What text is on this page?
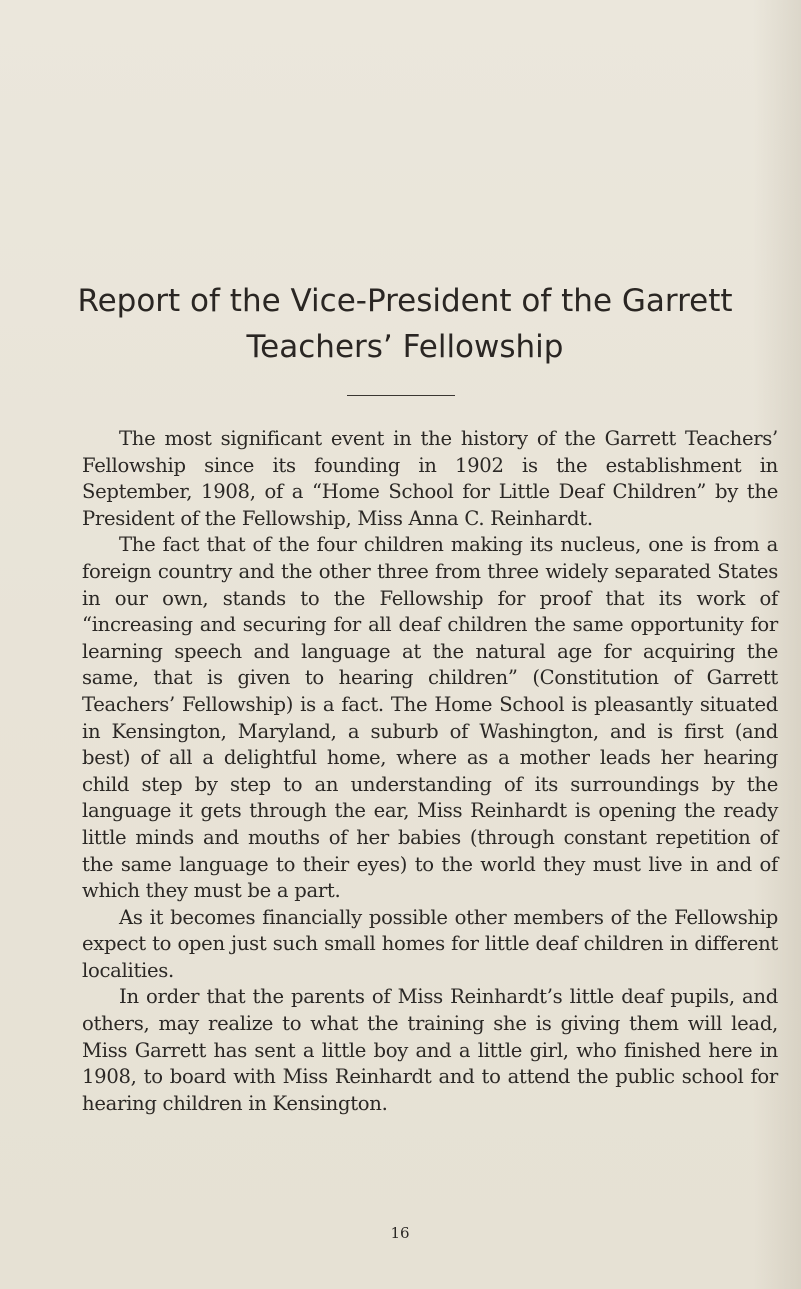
Report of the Vice-President of the Garrett
Teachers’ Fellowship

The most significant event in the history of the Garrett Teachers’ Fellowship since its founding in 1902 is the establishment in September, 1908, of a “Home School for Little Deaf Children” by the President of the Fellowship, Miss Anna C. Reinhardt.

The fact that of the four children making its nucleus, one is from a foreign country and the other three from three widely separated States in our own, stands to the Fellowship for proof that its work of “increasing and securing for all deaf children the same opportunity for learning speech and language at the natural age for acquiring the same, that is given to hearing children” (Constitution of Garrett Teachers’ Fellowship) is a fact. The Home School is pleasantly situated in Kensington, Maryland, a suburb of Washington, and is first (and best) of all a delightful home, where as a mother leads her hearing child step by step to an understanding of its surroundings by the language it gets through the ear, Miss Reinhardt is opening the ready little minds and mouths of her babies (through constant repetition of the same language to their eyes) to the world they must live in and of which they must be a part.

As it becomes financially possible other members of the Fellowship expect to open just such small homes for little deaf children in different localities.

In order that the parents of Miss Reinhardt’s little deaf pupils, and others, may realize to what the training she is giving them will lead, Miss Garrett has sent a little boy and a little girl, who finished here in 1908, to board with Miss Reinhardt and to attend the public school for hearing children in Kensington.

16
